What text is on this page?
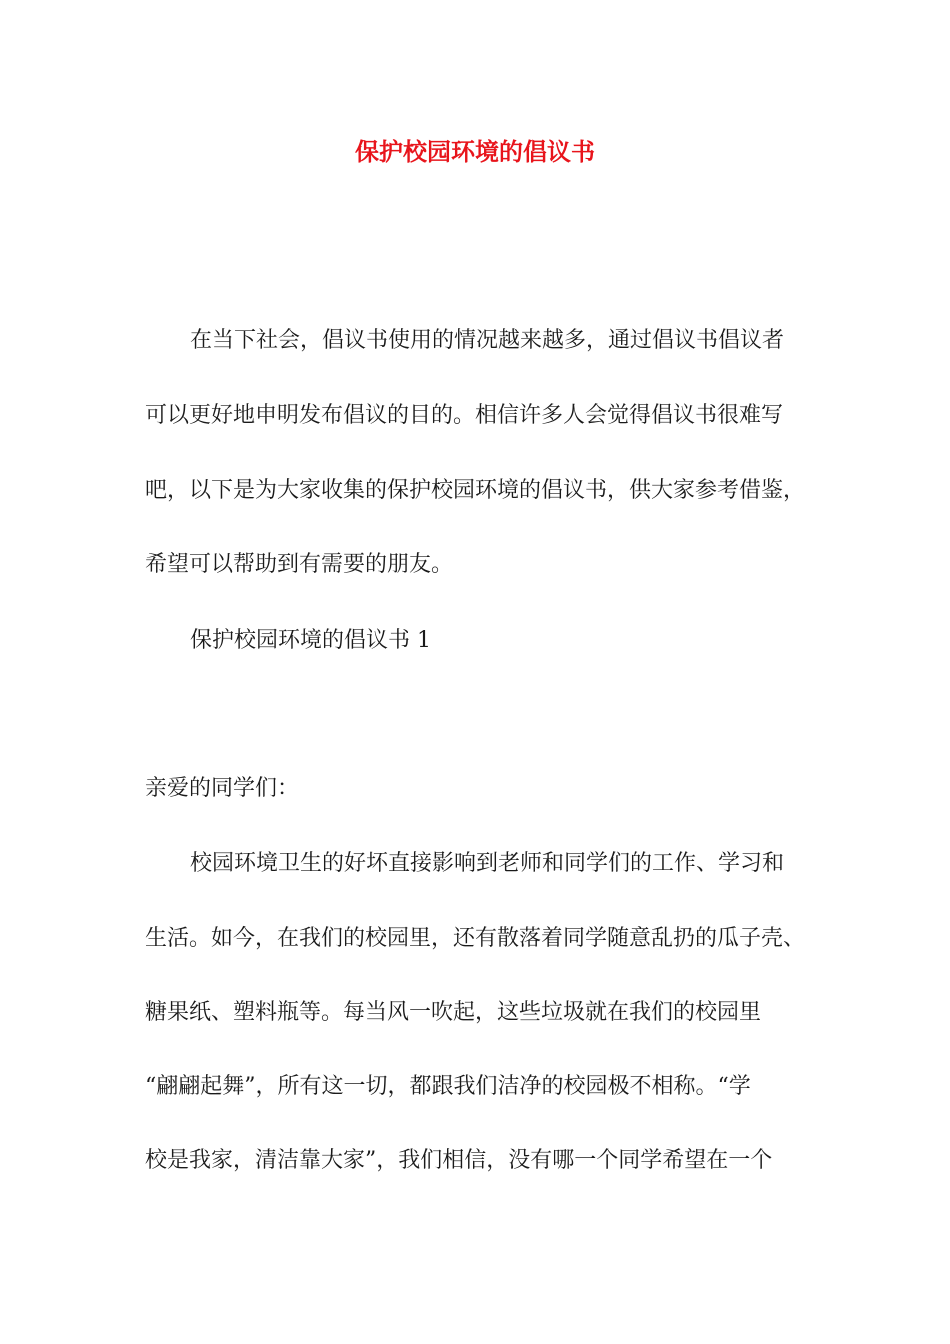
保护校园环境的倡议书
在当下社会，倡议书使用的情况越来越多，通过倡议书倡议者
可以更好地申明发布倡议的目的。相信许多人会觉得倡议书很难写
吧，以下是为大家收集的保护校园环境的倡议书，供大家参考借鉴，
希望可以帮助到有需要的朋友。
保护校园环境的倡议书 1
亲爱的同学们：
校园环境卫生的好坏直接影响到老师和同学们的工作、学习和
生活。如今，在我们的校园里，还有散落着同学随意乱扔的瓜子壳、
糖果纸、塑料瓶等。每当风一吹起，这些垃圾就在我们的校园里
“翩翩起舞”，所有这一切，都跟我们洁净的校园极不相称。“学
校是我家，清洁靠大家”，我们相信，没有哪一个同学希望在一个
